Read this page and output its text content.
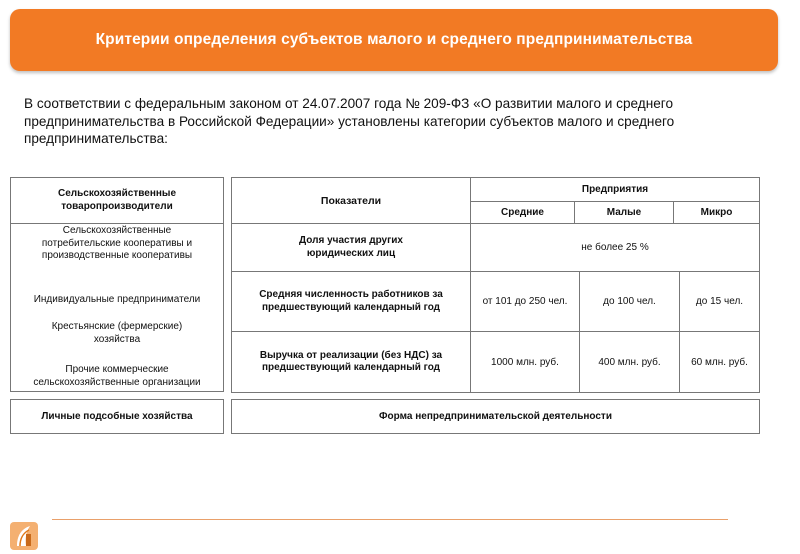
Критерии определения субъектов малого и среднего предпринимательства
В соответствии с федеральным законом от 24.07.2007 года № 209-ФЗ «О развитии малого и среднего предпринимательства в Российской Федерации» установлены категории субъектов малого и среднего предпринимательства:
Сельскохозяйственные товаропроизводители
Сельскохозяйственные потребительские кооперативы и производственные кооперативы
Индивидуальные предприниматели
Крестьянские (фермерские) хозяйства
Прочие коммерческие сельскохозяйственные организации
Личные подсобные хозяйства
Показатели
Предприятия
Средние	Малые	Микро
Доля участия других юридических лиц	не более 25 %
Средняя численность работников за предшествующий календарный год	от 101 до 250 чел.	до 100 чел.	до 15 чел.
Выручка от реализации (без НДС) за предшествующий календарный год	1000 млн. руб.	400 млн. руб.	60 млн. руб.
Форма непредпринимательской деятельности
